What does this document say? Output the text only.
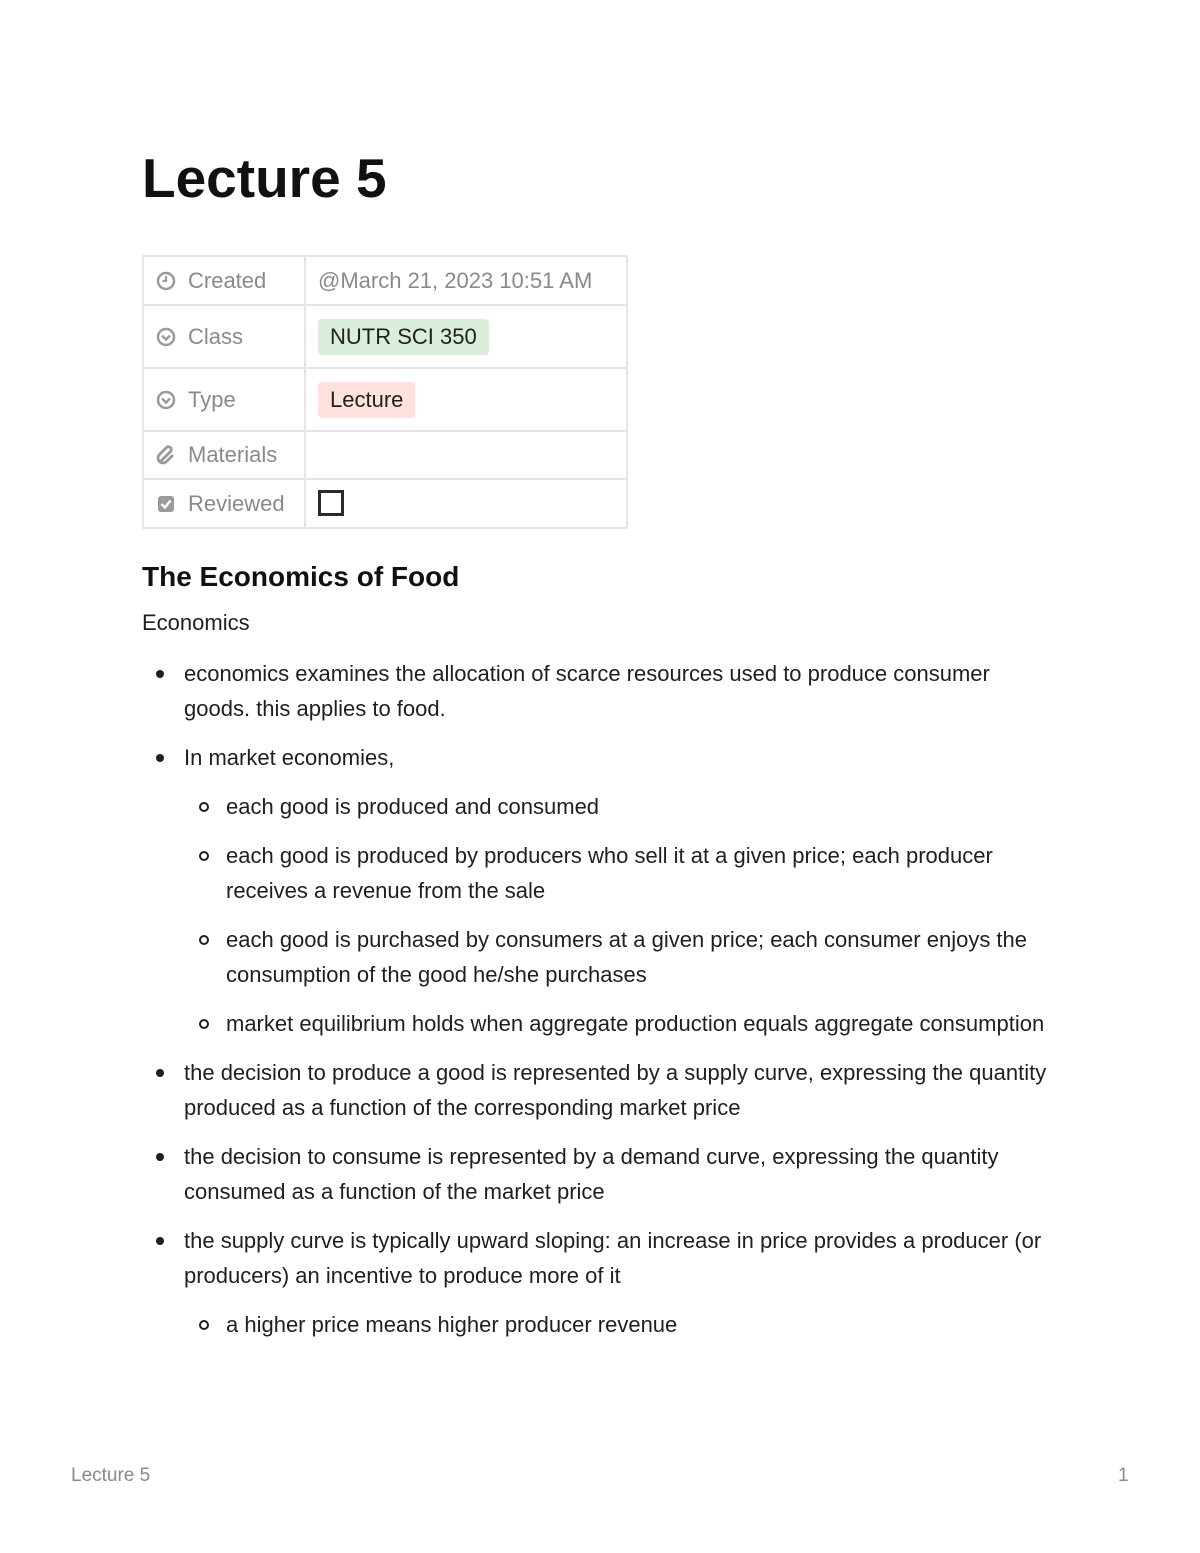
Lecture 5
Created	@March 21, 2023 10:51 AM

Class	NUTR SCI 350

Type	Lecture

Materials	

Reviewed	

The Economics of Food

Economics

economics examines the allocation of scarce resources used to produce consumer goods. this applies to food.
In market economies,
each good is produced and consumed
each good is produced by producers who sell it at a given price; each producer receives a revenue from the sale
each good is purchased by consumers at a given price; each consumer enjoys the consumption of the good he/she purchases
market equilibrium holds when aggregate production equals aggregate consumption
the decision to produce a good is represented by a supply curve, expressing the quantity produced as a function of the corresponding market price
the decision to consume is represented by a demand curve, expressing the quantity consumed as a function of the market price
the supply curve is typically upward sloping: an increase in price provides a producer (or producers) an incentive to produce more of it
a higher price means higher producer revenue
Lecture 5	1
